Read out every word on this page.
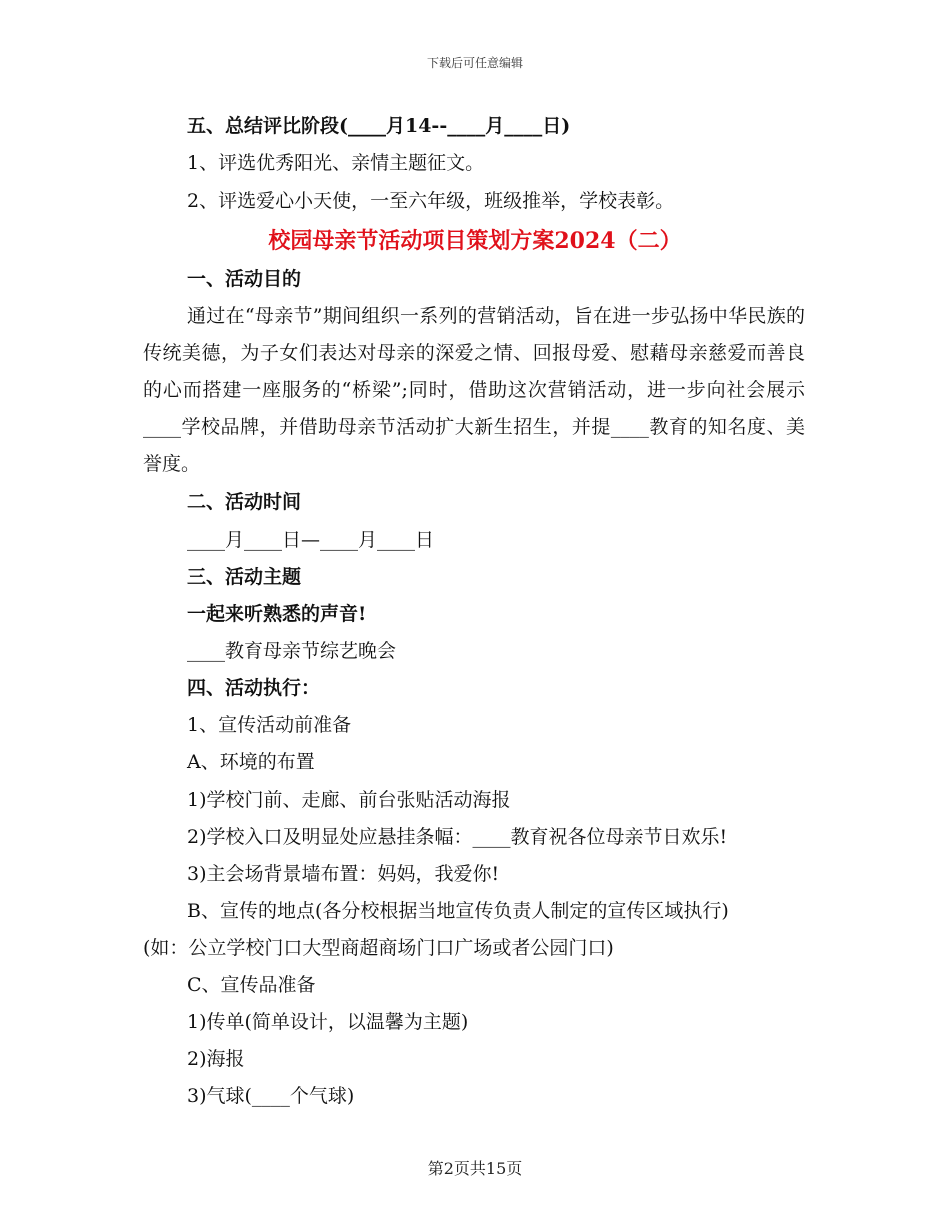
下载后可任意编辑
五、总结评比阶段(____月14--____月____日)
1、评选优秀阳光、亲情主题征文。
2、评选爱心小天使，一至六年级，班级推举，学校表彰。
校园母亲节活动项目策划方案2024（二）
一、活动目的
通过在“母亲节”期间组织一系列的营销活动，旨在进一步弘扬中华民族的传统美德，为子女们表达对母亲的深爱之情、回报母爱、慰藉母亲慈爱而善良的心而搭建一座服务的“桥梁”;同时，借助这次营销活动，进一步向社会展示____学校品牌，并借助母亲节活动扩大新生招生，并提____教育的知名度、美誉度。
二、活动时间
____月____日—____月____日
三、活动主题
一起来听熟悉的声音!
____教育母亲节综艺晚会
四、活动执行：
1、宣传活动前准备
A、环境的布置
1)学校门前、走廊、前台张贴活动海报
2)学校入口及明显处应悬挂条幅：____教育祝各位母亲节日欢乐!
3)主会场背景墙布置：妈妈，我爱你!
B、宣传的地点(各分校根据当地宣传负责人制定的宣传区域执行)
(如：公立学校门口大型商超商场门口广场或者公园门口)
C、宣传品准备
1)传单(简单设计，以温馨为主题)
2)海报
3)气球(____个气球)
第2页共15页
